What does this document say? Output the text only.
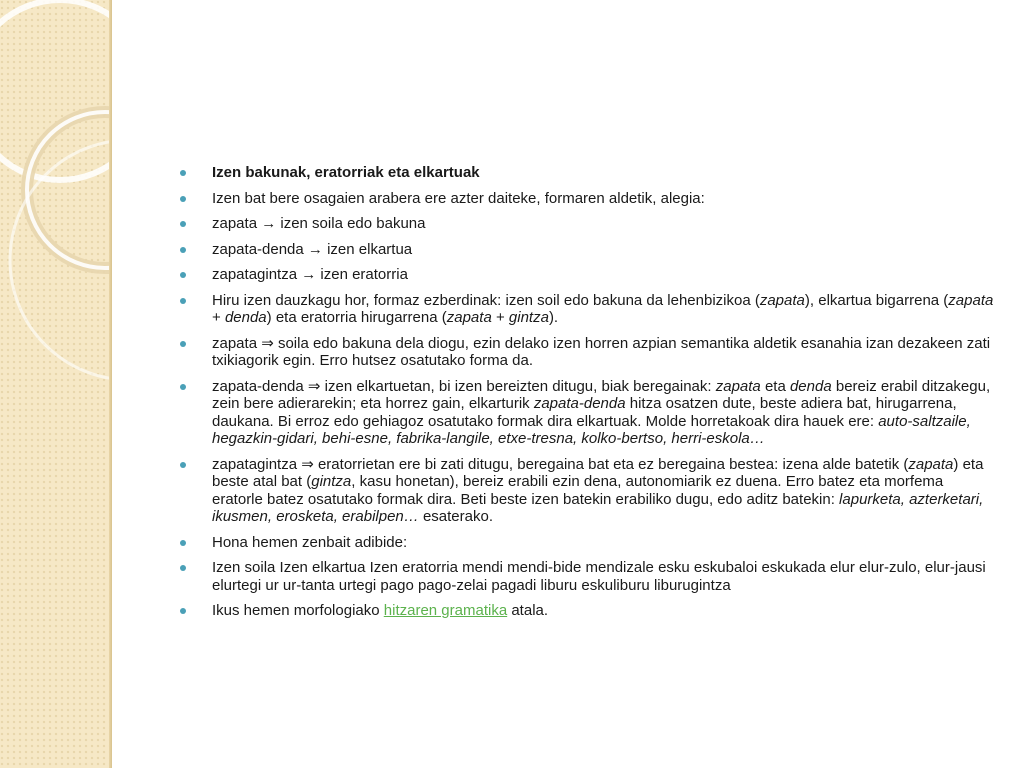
Izen bakunak, eratorriak eta elkartuak
Izen bat bere osagaien arabera ere azter daiteke, formaren aldetik, alegia:
zapata → izen soila edo bakuna
zapata-denda → izen elkartua
zapatagintza → izen eratorria
Hiru izen dauzkagu hor, formaz ezberdinak: izen soil edo bakuna da lehenbizikoa (zapata), elkartua bigarrena (zapata + denda) eta eratorria hirugarrena (zapata + gintza).
zapata ⇒ soila edo bakuna dela diogu, ezin delako izen horren azpian semantika aldetik esanahia izan dezakeen zati txikiagorik egin. Erro hutsez osatutako forma da.
zapata-denda ⇒ izen elkartuetan, bi izen bereizten ditugu, biak beregainak: zapata eta denda bereiz erabil ditzakegu, zein bere adierarekin; eta horrez gain, elkarturik zapata-denda hitza osatzen dute, beste adiera bat, hirugarrena, daukana. Bi erroz edo gehiagoz osatutako formak dira elkartuak. Molde horretakoak dira hauek ere: auto-saltzaile, hegazkin-gidari, behi-esne, fabrika-langile, etxe-tresna, kolko-bertso, herri-eskola…
zapatagintza ⇒ eratorrietan ere bi zati ditugu, beregaina bat eta ez beregaina bestea: izena alde batetik (zapata) eta beste atal bat (gintza, kasu honetan), bereiz erabili ezin dena, autonomiarik ez duena. Erro batez eta morfema eratorle batez osatutako formak dira. Beti beste izen batekin erabiliko dugu, edo aditz batekin: lapurketa, azterketari, ikusmen, erosketa, erabilpen… esaterako.
Hona hemen zenbait adibide:
Izen soila Izen elkartua Izen eratorria mendi mendi-bide mendizale esku eskubaloi eskukada elur elur-zulo, elur-jausi elurtegi ur ur-tanta urtegi pago pago-zelai pagadi liburu eskuliburu liburugintza
Ikus hemen morfologiako hitzaren gramatika atala.
